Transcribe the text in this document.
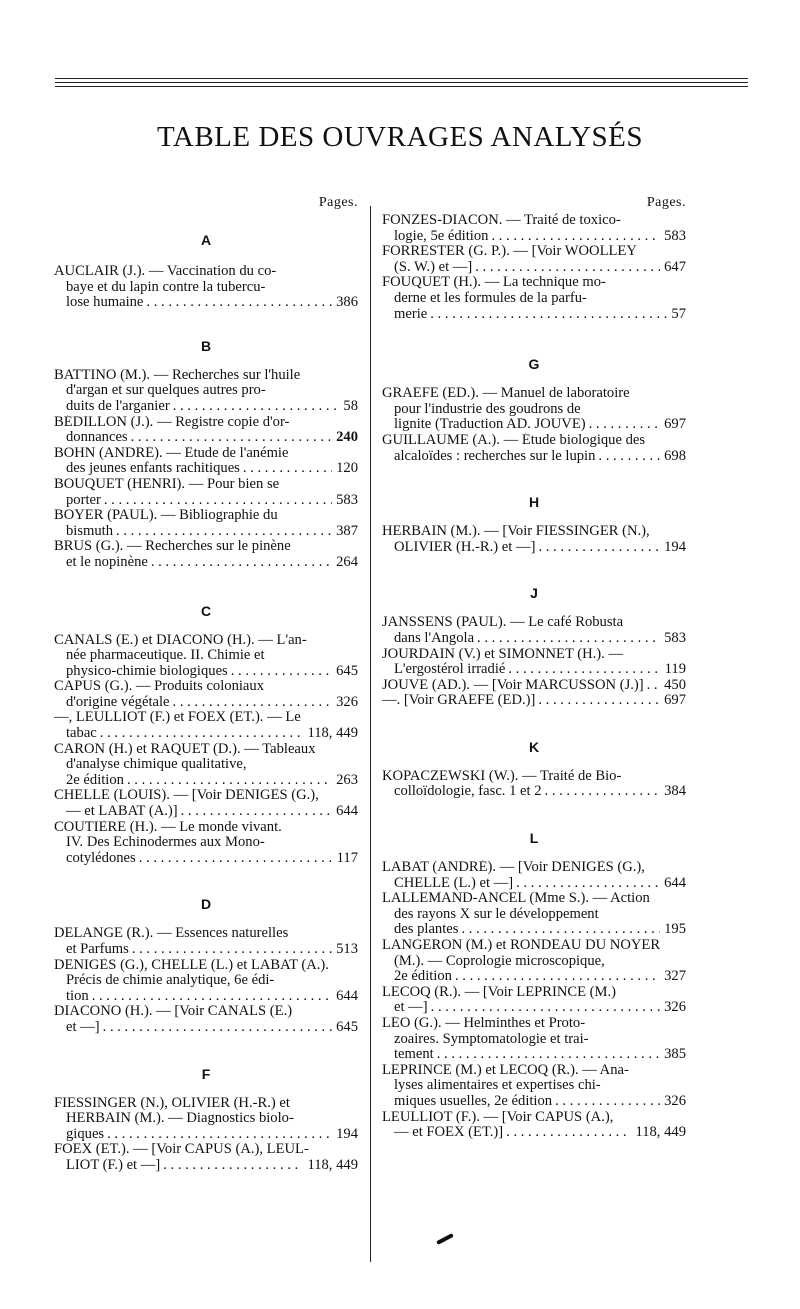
TABLE DES OUVRAGES ANALYSÉS
Pages.
A
AUCLAIR (J.). — Vaccination du co-
baye et du lapin contre la tubercu-
lose humaine . . .	386
B
BATTINO (M.). — Recherches sur l'huile
d'argan et sur quelques autres pro-
duits de l'arganier . . .	58
BÉDILLON (J.). — Registre copie d'or-
donnances . . .	240
BOHN (ANDRÉ). — Étude de l'anémie
des jeunes enfants rachitiques . . .	120
BOUQUET (HENRI). — Pour bien se
porter . . .	583
BOYER (PAUL). — Bibliographie du
bismuth . . .	387
BRUS (G.). — Recherches sur le pinène
et le nopinène . . .	264
C
CANALS (E.) et DIACONO (H.). — L'an-
née pharmaceutique. II. Chimie et
physico-chimie biologiques . . .	645
CAPUS (G.). — Produits coloniaux
d'origine végétale . . .	326
—, LEULLIOT (F.) et FOEX (ET.). — Le
tabac . . .	118, 449
CARON (H.) et RAQUET (D.). — Tableaux
d'analyse chimique qualitative,
2e édition . . .	263
CHELLE (LOUIS). — [Voir DENIGÈS (G.),
— et LABAT (A.)] . . .	644
COUTIÈRE (H.). — Le monde vivant.
IV. Des Échinodermes aux Mono-
cotylédones . . .	117
D
DELANGE (R.). — Essences naturelles
et Parfums . . .	513
DENIGÈS (G.), CHELLE (L.) et LABAT (A.).
Précis de chimie analytique, 6e édi-
tion . . .	644
DIACONO (H.). — [Voir CANALS (E.)
et —] . . .	645
F
FIESSINGER (N.), OLIVIER (H.-R.) et
HERBAIN (M.). — Diagnostics biolo-
giques . . .	194
FOEX (ET.). — [Voir CAPUS (A.), LEUL-
LIOT (F.) et —] . . .	118, 449
Pages.
FONZES-DIACON. — Traité de toxico-
logie, 5e édition . . .	583
FORRESTER (G. P.). — [Voir WOOLLEY
(S. W.) et —] . . .	647
FOUQUET (H.). — La technique mo-
derne et les formules de la parfu-
merie . . .	57
G
GRAEFE (ED.). — Manuel de laboratoire
pour l'industrie des goudrons de
lignite (Traduction AD. JOUVE) . . .	697
GUILLAUME (A.). — Étude biologique des
alcaloïdes : recherches sur le lupin . . .	698
H
HERBAIN (M.). — [Voir FIESSINGER (N.),
OLIVIER (H.-R.) et —] . . .	194
J
JANSSENS (PAUL). — Le café Robusta
dans l'Angola . . .	583
JOURDAIN (V.) et SIMONNET (H.). —
L'ergostérol irradié . . .	119
JOUVE (AD.). — [Voir MARCUSSON (J.)] . . . 450
—. [Voir GRAEFE (ED.)] . . .	697
K
KOPACZEWSKI (W.). — Traité de Bio-
colloïdologie, fasc. 1 et 2 . . .	384
L
LABAT (ANDRÉ). — [Voir DENIGÈS (G.),
CHELLE (L.) et —] . . .	644
LALLEMAND-ANCEL (Mme S.). — Action
des rayons X sur le développement
des plantes . . .	195
LANGERON (M.) et RONDEAU DU NOYER
(M.). — Coprologie microscopique,
2e édition . . .	327
LECOQ (R.). — [Voir LEPRINCE (M.)
et —] . . .	326
LÉO (G.). — Helminthes et Proto-
zoaires. Symptomatologie et trai-
tement . . .	385
LEPRINCE (M.) et LECOQ (R.). — Ana-
lyses alimentaires et expertises chi-
miques usuelles, 2e édition . . .	326
LEULLIOT (F.). — [Voir CAPUS (A.),
— et FOEX (ET.)] . . .	118, 449
